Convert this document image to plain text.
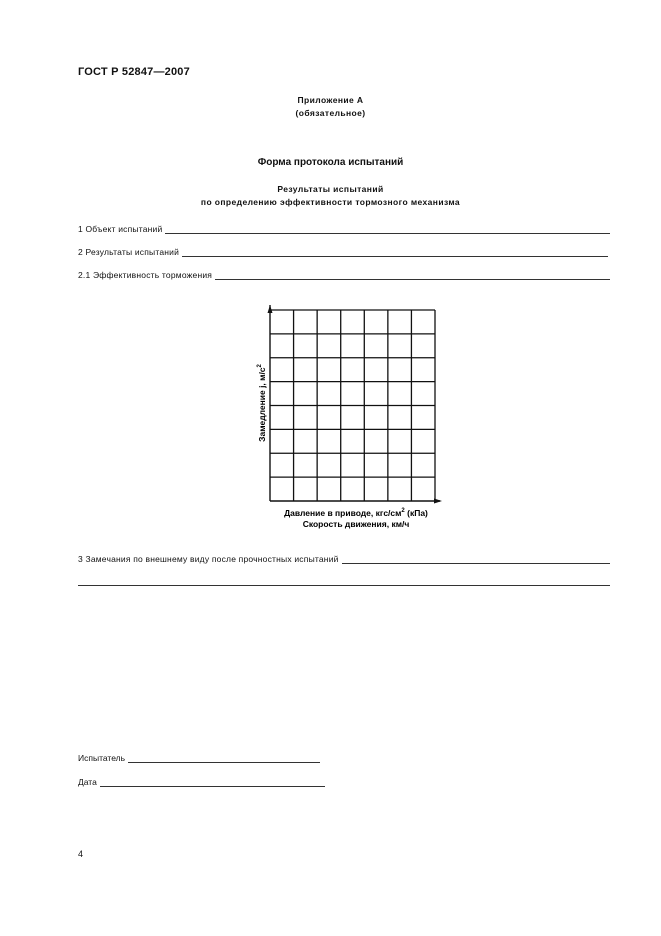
ГОСТ Р 52847—2007
Приложение А
(обязательное)
Форма протокола испытаний
Результаты испытаний
по определению эффективности тормозного механизма
1 Объект испытаний
2 Результаты испытаний
2.1 Эффективность торможения
Замедление j, $м/с^2$
Давление в приводе, кгс/$см^2$ (кПа)
Скорость движения, км/ч
3 Замечания по внешнему виду после прочностных испытаний
Испытатель
Дата
4
